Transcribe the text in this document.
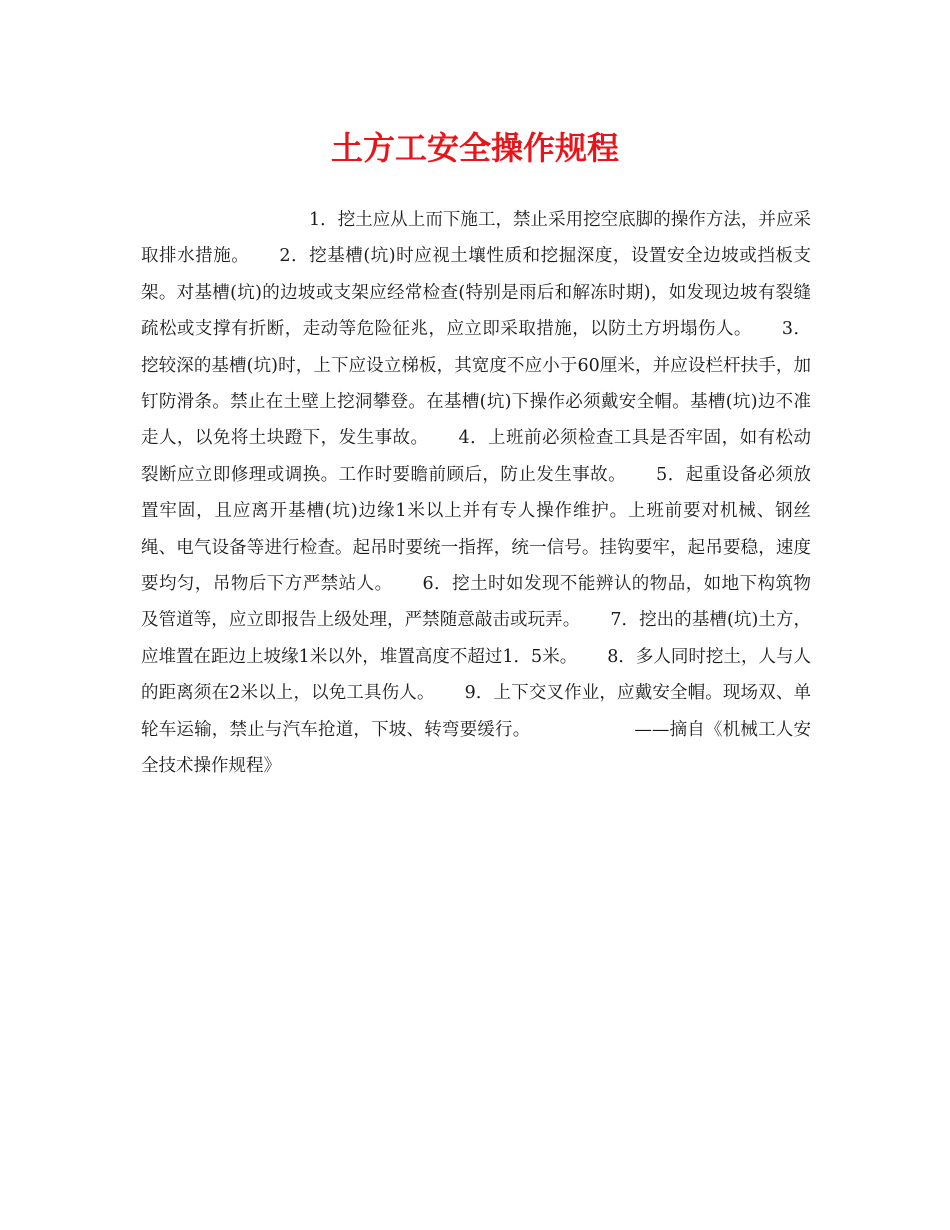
土方工安全操作规程

1．挖土应从上而下施工，禁止采用挖空底脚的操作方法，并应采取排水措施。 2．挖基槽(坑)时应视土壤性质和挖掘深度，设置安全边坡或挡板支架。对基槽(坑)的边坡或支架应经常检查(特别是雨后和解冻时期)，如发现边坡有裂缝疏松或支撑有折断，走动等危险征兆，应立即采取措施，以防土方坍塌伤人。 3．挖较深的基槽(坑)时，上下应设立梯板，其宽度不应小于60厘米，并应设栏杆扶手，加钉防滑条。禁止在土壁上挖洞攀登。在基槽(坑)下操作必须戴安全帽。基槽(坑)边不准走人，以免将土块蹬下，发生事故。 4．上班前必须检查工具是否牢固，如有松动裂断应立即修理或调换。工作时要瞻前顾后，防止发生事故。 5．起重设备必须放置牢固，且应离开基槽(坑)边缘1米以上并有专人操作维护。上班前要对机械、钢丝绳、电气设备等进行检查。起吊时要统一指挥，统一信号。挂钩要牢，起吊要稳，速度要均匀，吊物后下方严禁站人。 6．挖土时如发现不能辨认的物品，如地下构筑物及管道等，应立即报告上级处理，严禁随意敲击或玩弄。 7．挖出的基槽(坑)土方，应堆置在距边上坡缘1米以外，堆置高度不超过1．5米。 8．多人同时挖土，人与人的距离须在2米以上，以免工具伤人。 9．上下交叉作业，应戴安全帽。现场双、单轮车运输，禁止与汽车抢道，下坡、转弯要缓行。	——摘自《机械工人安全技术操作规程》
